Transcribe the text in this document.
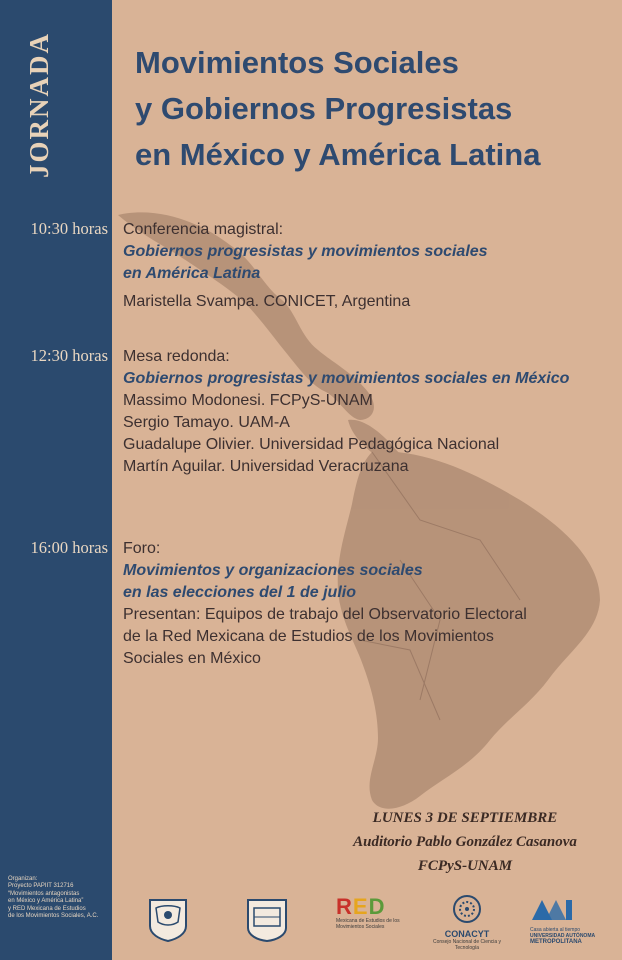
JORNADA	Movimientos Sociales
y Gobiernos Progresistas
en México y América Latina
10:30 horas Conferencia magistral:
Gobiernos progresistas y movimientos sociales
en América Latina
Maristella Svampa. CONICET, Argentina
12:30 horas Mesa redonda:
Gobiernos progresistas y movimientos sociales en México
Massimo Modonesi. FCPyS-UNAM
Sergio Tamayo. UAM-A
Guadalupe Olivier. Universidad Pedagógica Nacional
Martín Aguilar. Universidad Veracruzana
16:00 horas Foro:
Movimientos y organizaciones sociales
en las elecciones del 1 de julio
Presentan: Equipos de trabajo del Observatorio Electoral
de la Red Mexicana de Estudios de los Movimientos
Sociales en México
LUNES 3 DE SEPTIEMBRE
Auditorio Pablo González Casanova
FCPyS-UNAM
Organizan:
Proyecto PAPIIT 312716
“Movimientos antagonistas
en México y América Latina”
y RED Mexicana de Estudios
de los Movimientos Sociales, A.C.	RED
Mexicana de Estudios de los Movimientos Sociales
CONACYT
Consejo Nacional de Ciencia y Tecnología
Casa abierta al tiempo
UNIVERSIDAD AUTÓNOMA
METROPOLITANA
